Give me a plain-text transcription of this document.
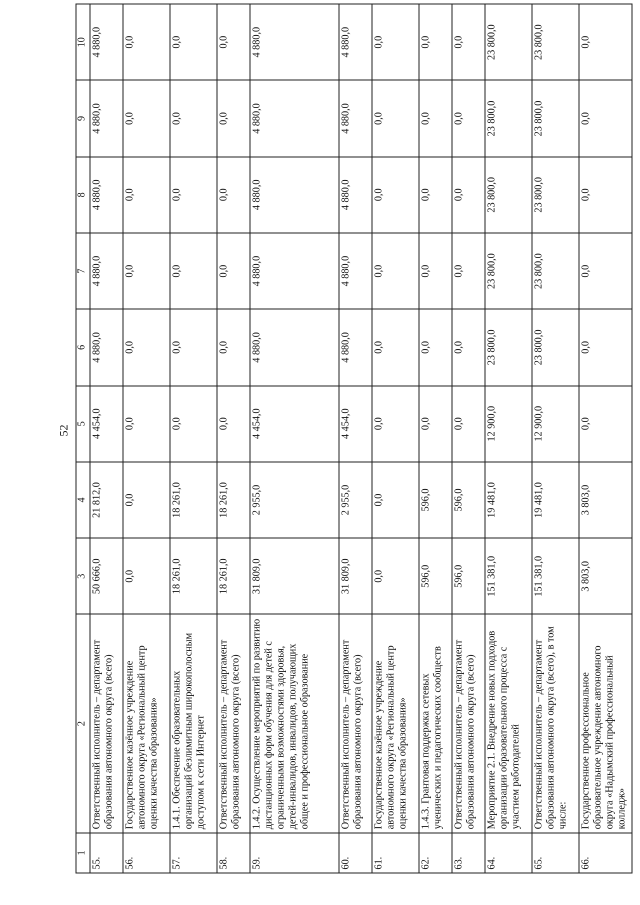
52
1	2	3	4	5	6	7	8	9	10
55.	Ответственный исполнитель – департамент образования автономного округа (всего)	50 666,0	21 812,0	4 454,0	4 880,0	4 880,0	4 880,0	4 880,0	4 880,0
56.	Государственное казённое учреждение автономного округа «Региональный центр оценки качества образования»	0,0	0,0	0,0	0,0	0,0	0,0	0,0	0,0
57.	1.4.1. Обеспечение образовательных организаций безлимитным широкополосным доступом к сети Интернет	18 261,0	18 261,0	0,0	0,0	0,0	0,0	0,0	0,0
58.	Ответственный исполнитель – департамент образования автономного округа (всего)	18 261,0	18 261,0	0,0	0,0	0,0	0,0	0,0	0,0
59.	1.4.2. Осуществление мероприятий по развитию дистанционных форм обучения для детей с ограниченными возможностями здоровья, детей-инвалидов, инвалидов, получающих общее и профессиональное образование	31 809,0	2 955,0	4 454,0	4 880,0	4 880,0	4 880,0	4 880,0	4 880,0
60.	Ответственный исполнитель – департамент образования автономного округа (всего)	31 809,0	2 955,0	4 454,0	4 880,0	4 880,0	4 880,0	4 880,0	4 880,0
61.	Государственное казённое учреждение автономного округа «Региональный центр оценки качества образования»	0,0	0,0	0,0	0,0	0,0	0,0	0,0	0,0
62.	1.4.3. Грантовая поддержка сетевых ученических и педагогических сообществ	596,0	596,0	0,0	0,0	0,0	0,0	0,0	0,0
63.	Ответственный исполнитель – департамент образования автономного округа (всего)	596,0	596,0	0,0	0,0	0,0	0,0	0,0	0,0
64.	Мероприятие 2.1. Внедрение новых подходов организации образовательного процесса с участием работодателей	151 381,0	19 481,0	12 900,0	23 800,0	23 800,0	23 800,0	23 800,0	23 800,0
65.	Ответственный исполнитель – департамент образования автономного округа (всего), в том числе:	151 381,0	19 481,0	12 900,0	23 800,0	23 800,0	23 800,0	23 800,0	23 800,0
66.	Государственное профессиональное образовательное учреждение автономного округа «Надымский профессиональный колледж»	3 803,0	3 803,0	0,0	0,0	0,0	0,0	0,0	0,0
